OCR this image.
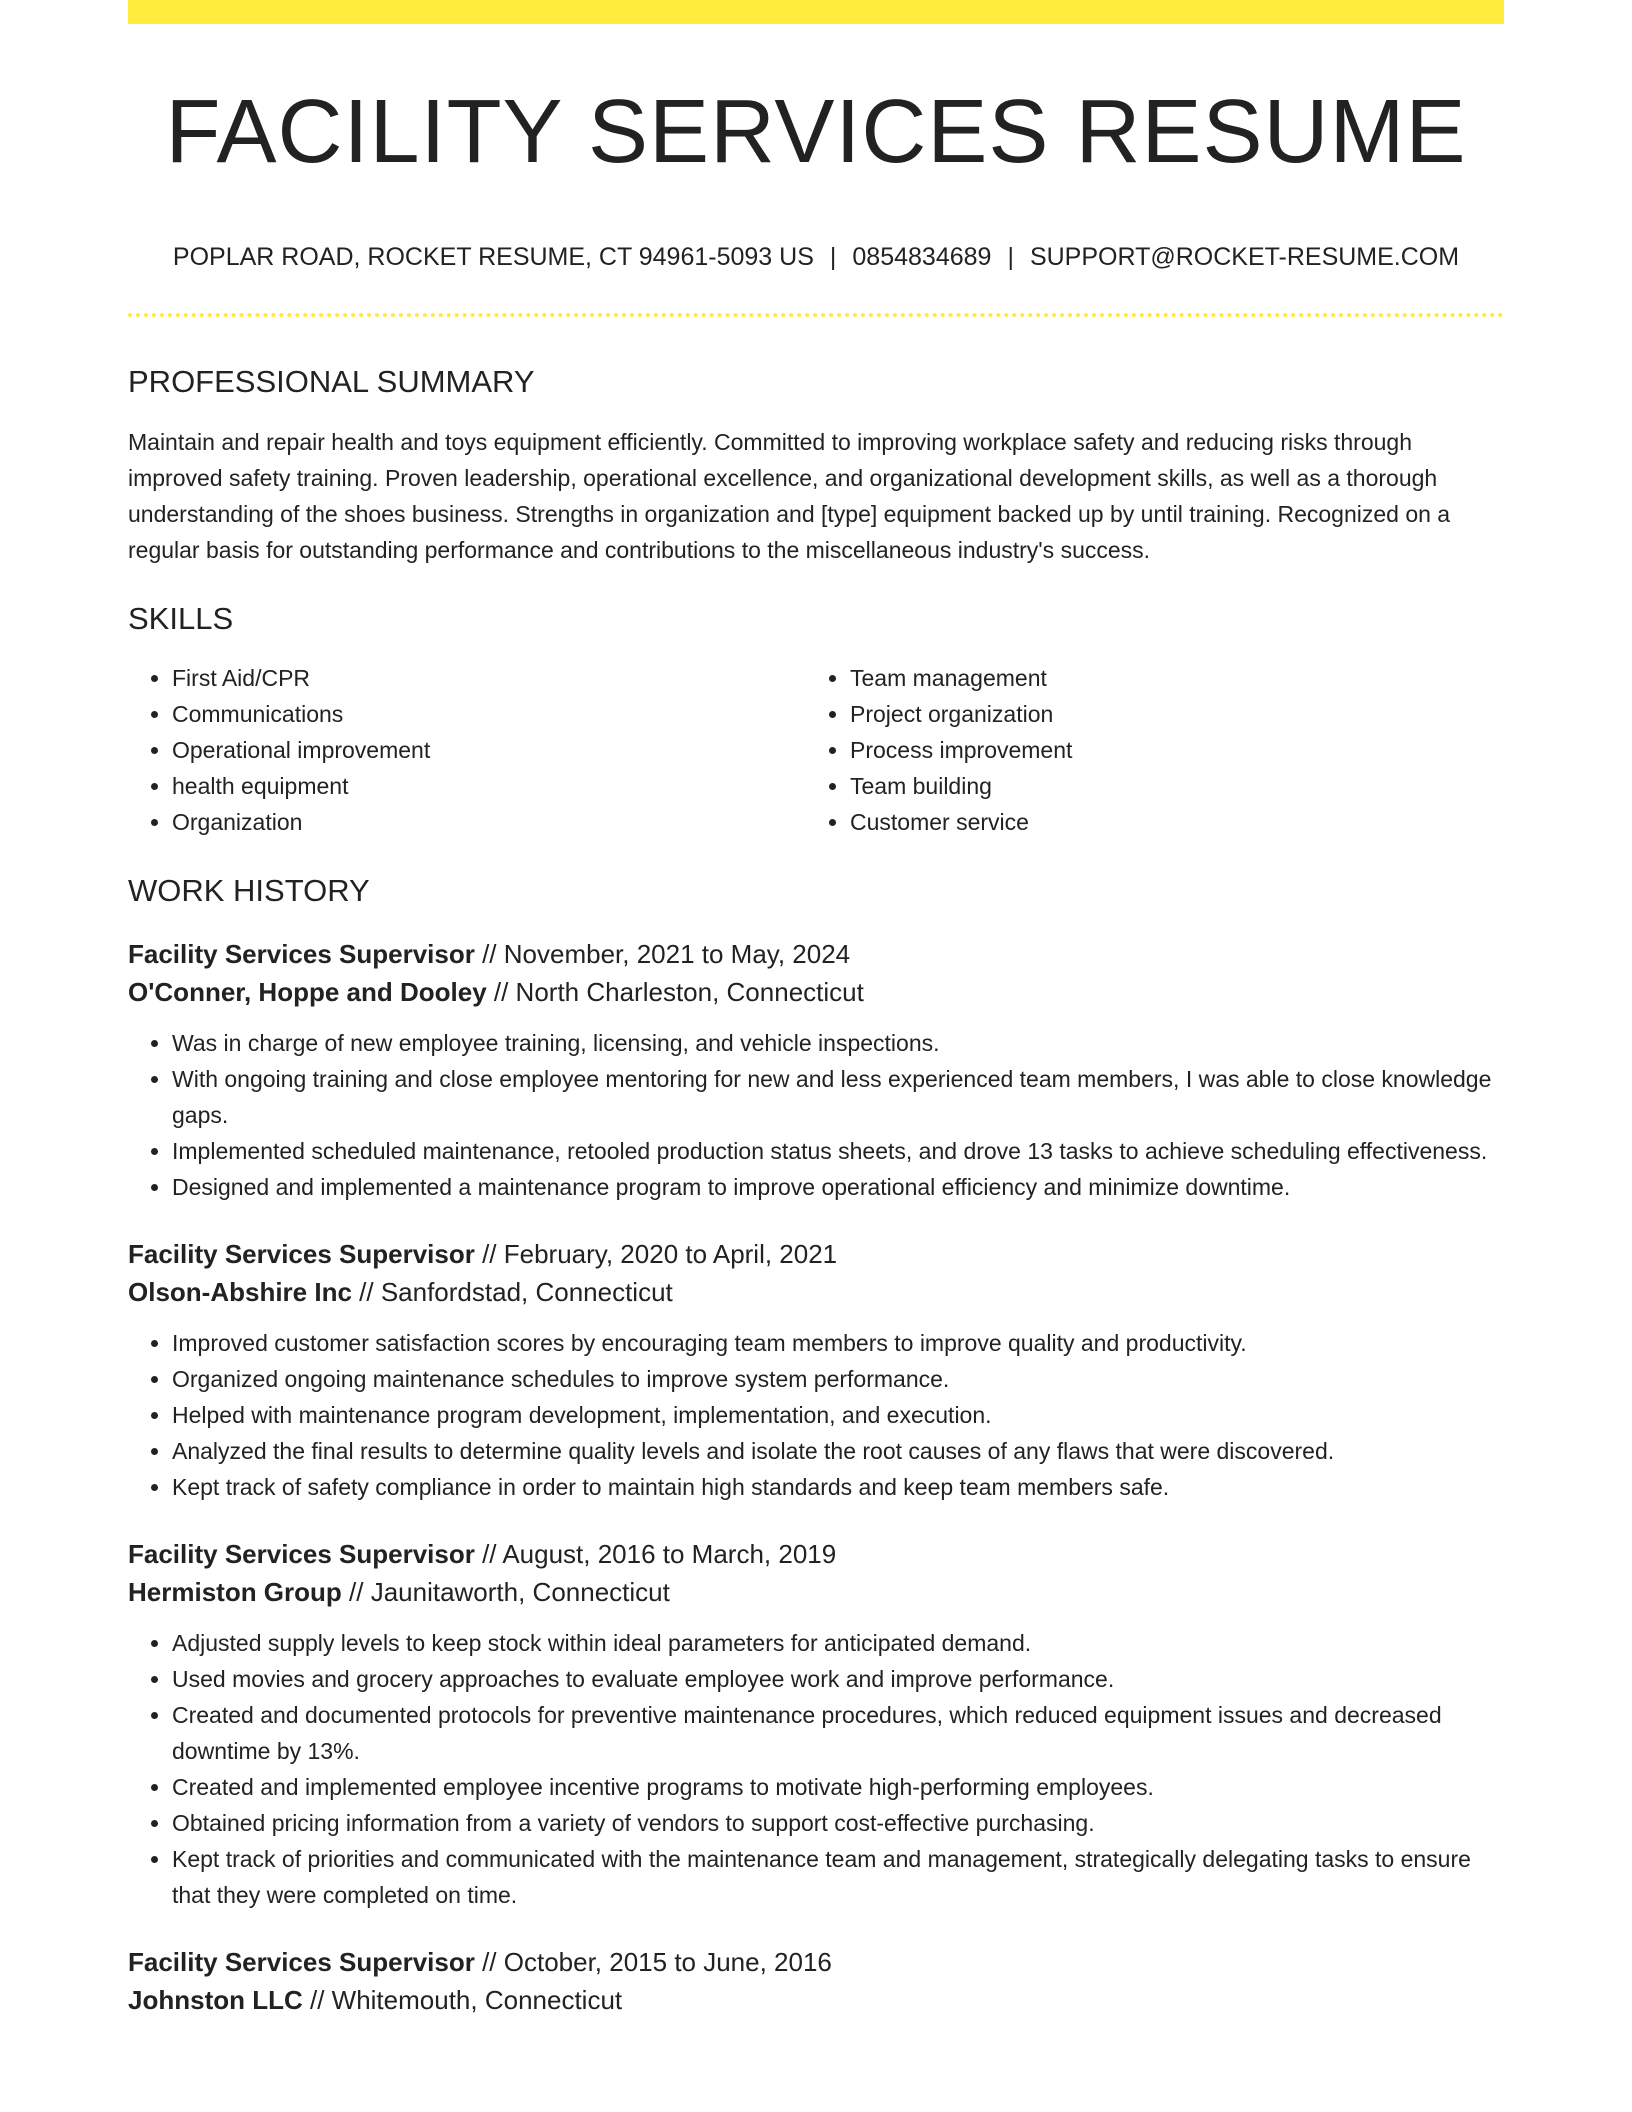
FACILITY SERVICES RESUME
POPLAR ROAD, ROCKET RESUME, CT 94961-5093 US | 0854834689 | SUPPORT@ROCKET-RESUME.COM
PROFESSIONAL SUMMARY
Maintain and repair health and toys equipment efficiently. Committed to improving workplace safety and reducing risks through improved safety training. Proven leadership, operational excellence, and organizational development skills, as well as a thorough understanding of the shoes business. Strengths in organization and [type] equipment backed up by until training. Recognized on a regular basis for outstanding performance and contributions to the miscellaneous industry's success.
SKILLS
• First Aid/CPR
• Communications
• Operational improvement
• health equipment
• Organization
• Team management
• Project organization
• Process improvement
• Team building
• Customer service
WORK HISTORY
Facility Services Supervisor // November, 2021 to May, 2024
O'Conner, Hoppe and Dooley // North Charleston, Connecticut
• Was in charge of new employee training, licensing, and vehicle inspections.
• With ongoing training and close employee mentoring for new and less experienced team members, I was able to close knowledge gaps.
• Implemented scheduled maintenance, retooled production status sheets, and drove 13 tasks to achieve scheduling effectiveness.
• Designed and implemented a maintenance program to improve operational efficiency and minimize downtime.
Facility Services Supervisor // February, 2020 to April, 2021
Olson-Abshire Inc // Sanfordstad, Connecticut
• Improved customer satisfaction scores by encouraging team members to improve quality and productivity.
• Organized ongoing maintenance schedules to improve system performance.
• Helped with maintenance program development, implementation, and execution.
• Analyzed the final results to determine quality levels and isolate the root causes of any flaws that were discovered.
• Kept track of safety compliance in order to maintain high standards and keep team members safe.
Facility Services Supervisor // August, 2016 to March, 2019
Hermiston Group // Jaunitaworth, Connecticut
• Adjusted supply levels to keep stock within ideal parameters for anticipated demand.
• Used movies and grocery approaches to evaluate employee work and improve performance.
• Created and documented protocols for preventive maintenance procedures, which reduced equipment issues and decreased downtime by 13%.
• Created and implemented employee incentive programs to motivate high-performing employees.
• Obtained pricing information from a variety of vendors to support cost-effective purchasing.
• Kept track of priorities and communicated with the maintenance team and management, strategically delegating tasks to ensure that they were completed on time.
Facility Services Supervisor // October, 2015 to June, 2016
Johnston LLC // Whitemouth, Connecticut
